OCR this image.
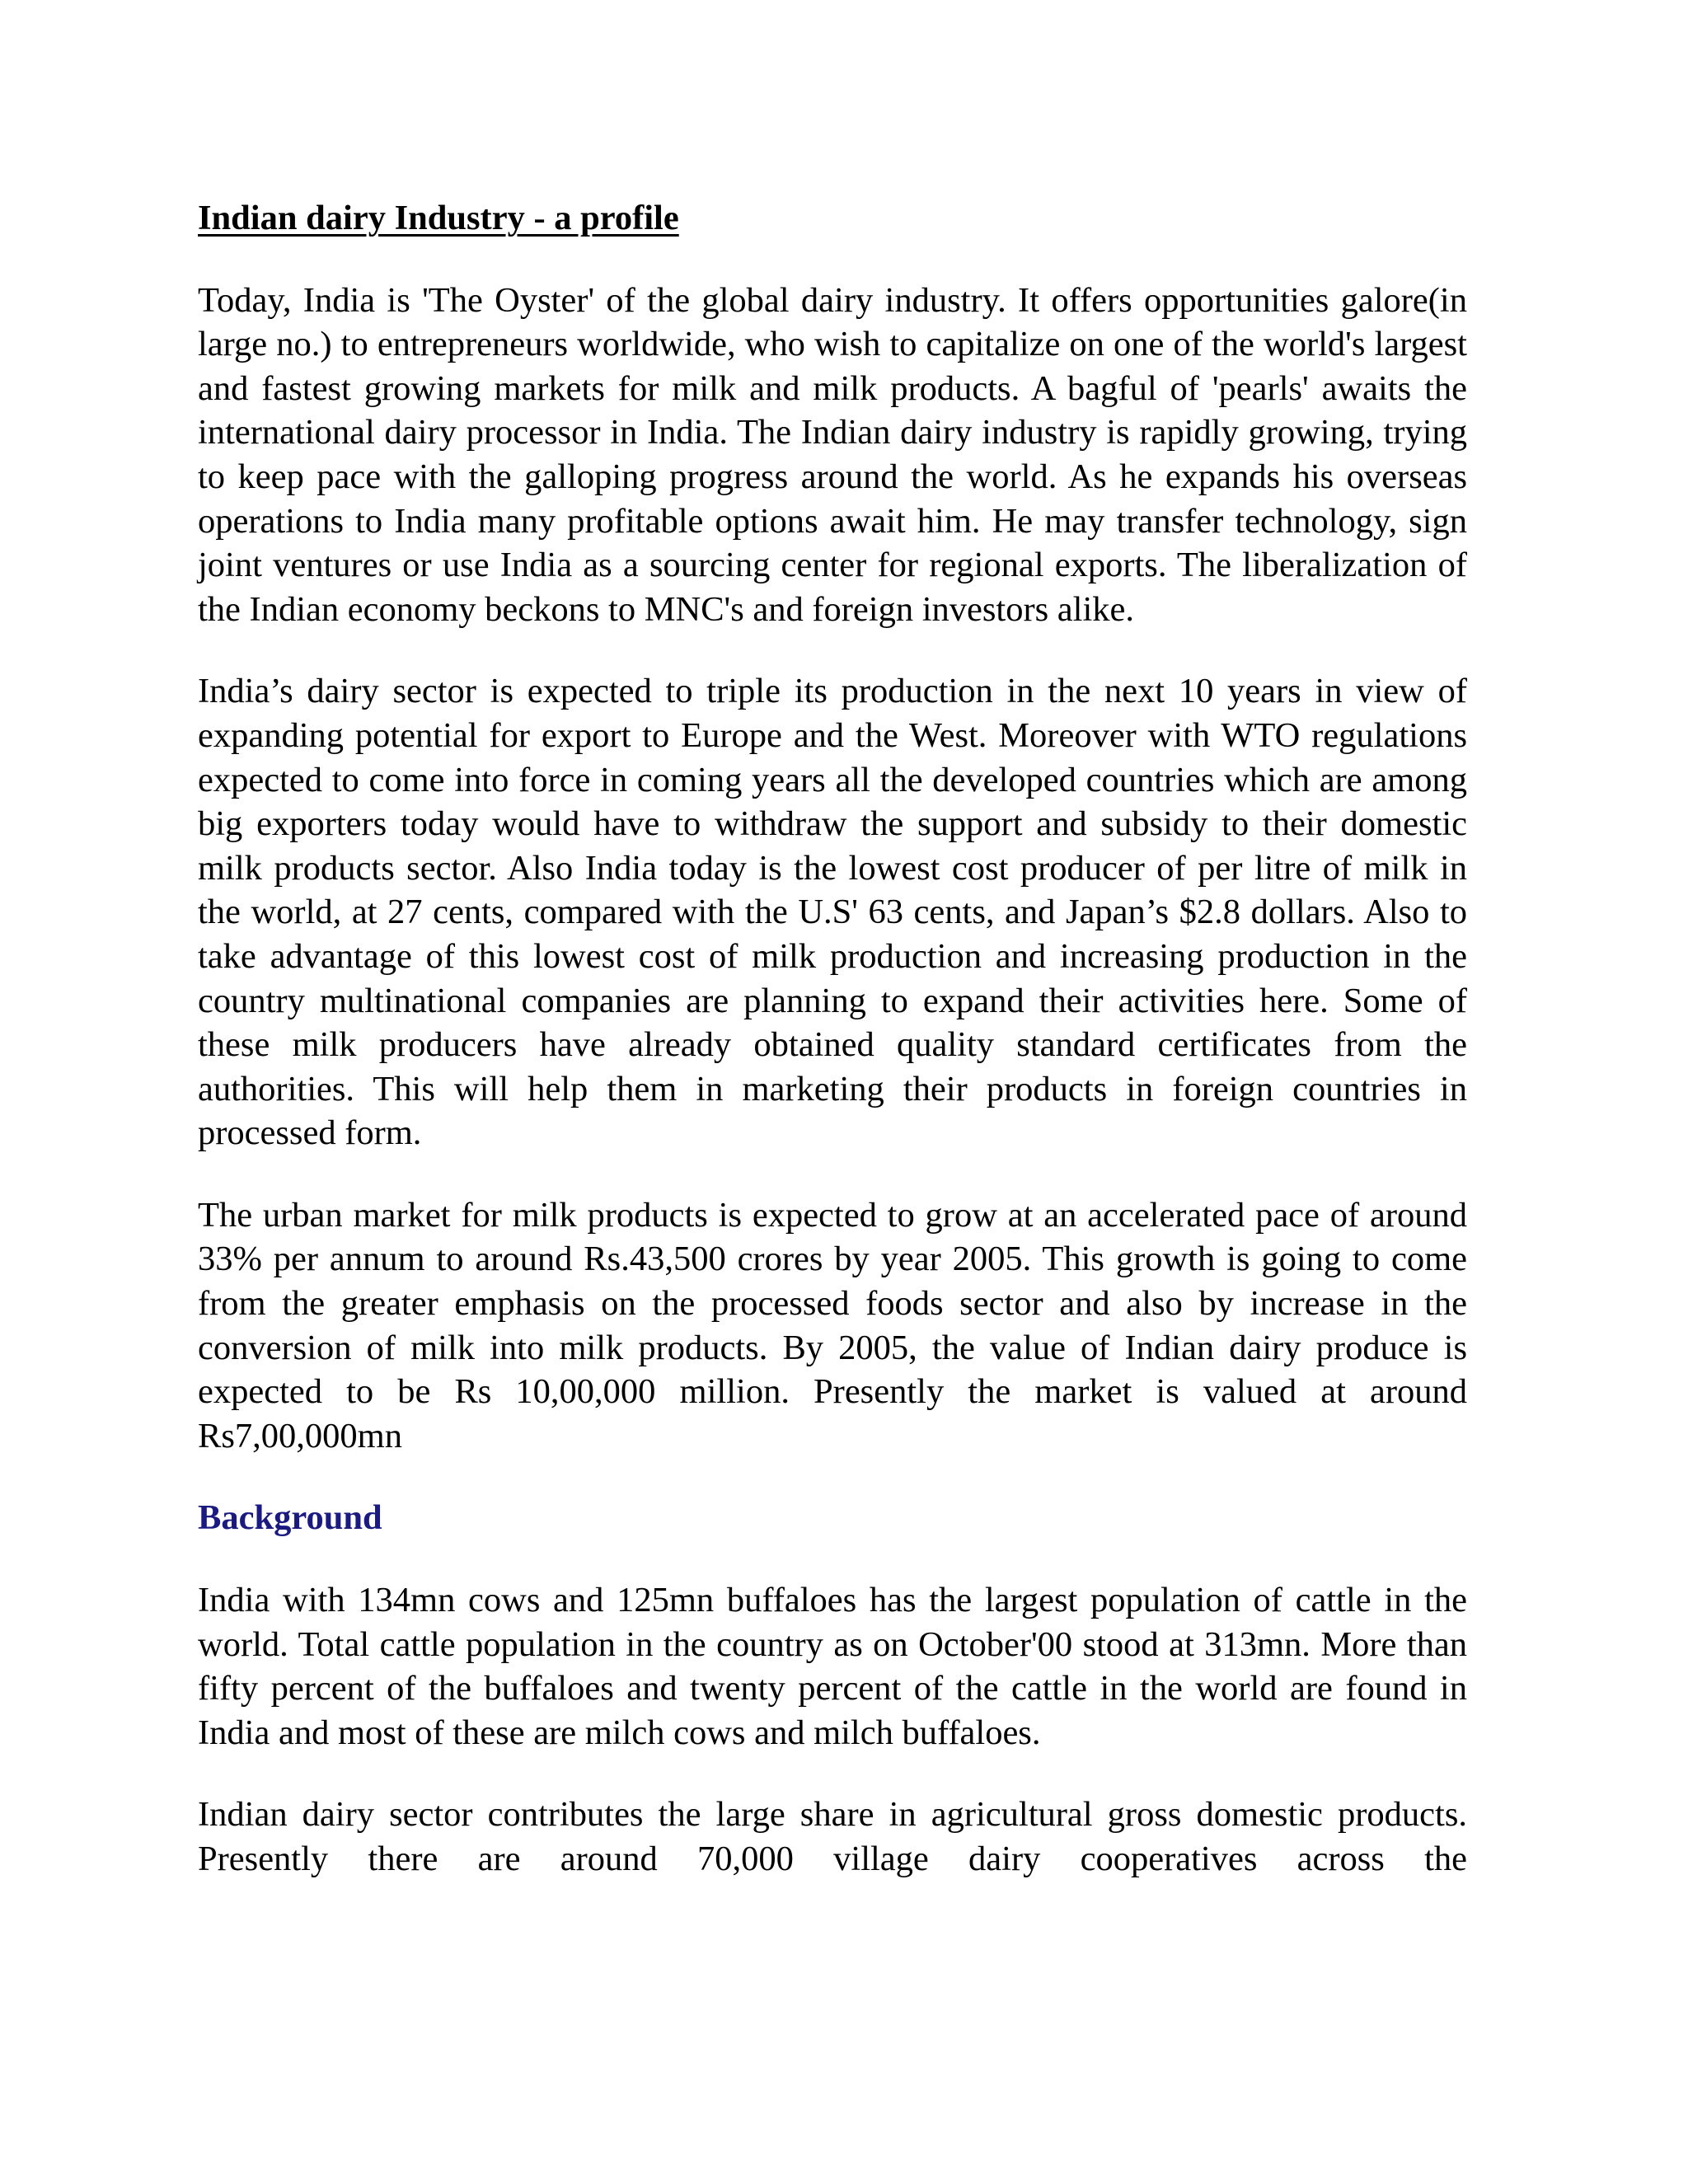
Indian dairy Industry - a profile

Today, India is 'The Oyster' of the global dairy industry. It offers opportunities galore(in large no.) to entrepreneurs worldwide, who wish to capitalize on one of the world's largest and fastest growing markets for milk and milk products. A bagful of 'pearls' awaits the international dairy processor in India. The Indian dairy industry is rapidly growing, trying to keep pace with the galloping progress around the world. As he expands his overseas operations to India many profitable options await him. He may transfer technology, sign joint ventures or use India as a sourcing center for regional exports. The liberalization of the Indian economy beckons to MNC's and foreign investors alike.

India’s dairy sector is expected to triple its production in the next 10 years in view of expanding potential for export to Europe and the West. Moreover with WTO regulations expected to come into force in coming years all the developed countries which are among big exporters today would have to withdraw the support and subsidy to their domestic milk products sector. Also India today is the lowest cost producer of per litre of milk in the world, at 27 cents, compared with the U.S' 63 cents, and Japan’s $2.8 dollars. Also to take advantage of this lowest cost of milk production and increasing production in the country multinational companies are planning to expand their activities here. Some of these milk producers have already obtained quality standard certificates from the authorities. This will help them in marketing their products in foreign countries in processed form.

The urban market for milk products is expected to grow at an accelerated pace of around 33% per annum to around Rs.43,500 crores by year 2005. This growth is going to come from the greater emphasis on the processed foods sector and also by increase in the conversion of milk into milk products. By 2005, the value of Indian dairy produce is expected to be Rs 10,00,000 million. Presently the market is valued at around Rs7,00,000mn

Background

India with 134mn cows and 125mn buffaloes has the largest population of cattle in the world. Total cattle population in the country as on October'00 stood at 313mn. More than fifty percent of the buffaloes and twenty percent of the cattle in the world are found in India and most of these are milch cows and milch buffaloes.

Indian dairy sector contributes the large share in agricultural gross domestic products. Presently there are around 70,000 village dairy cooperatives across the
